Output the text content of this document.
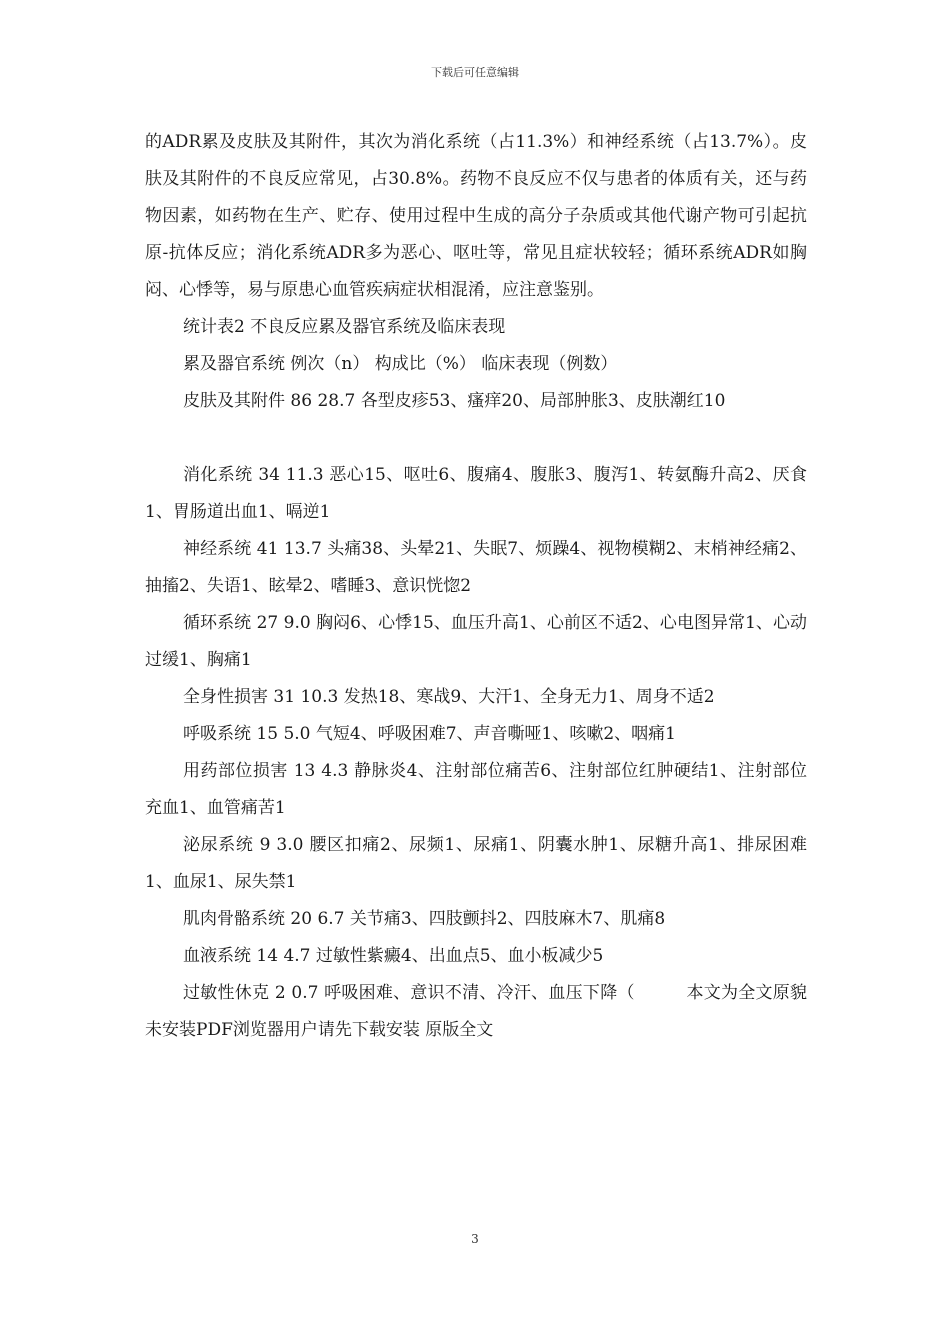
下载后可任意编辑

的ADR累及皮肤及其附件，其次为消化系统（占11.3%）和神经系统（占13.7%）。皮肤及其附件的不良反应常见，占30.8%。药物不良反应不仅与患者的体质有关，还与药物因素，如药物在生产、贮存、使用过程中生成的高分子杂质或其他代谢产物可引起抗原-抗体反应；消化系统ADR多为恶心、呕吐等，常见且症状较轻；循环系统ADR如胸闷、心悸等，易与原患心血管疾病症状相混淆，应注意鉴别。

统计表2 不良反应累及器官系统及临床表现

累及器官系统 例次（n） 构成比（%） 临床表现（例数）

皮肤及其附件 86 28.7 各型皮疹53、瘙痒20、局部肿胀3、皮肤潮红10

消化系统 34 11.3 恶心15、呕吐6、腹痛4、腹胀3、腹泻1、转氨酶升高2、厌食1、胃肠道出血1、嗝逆1

神经系统 41 13.7 头痛38、头晕21、失眠7、烦躁4、视物模糊2、末梢神经痛2、抽搐2、失语1、眩晕2、嗜睡3、意识恍惚2

循环系统 27 9.0 胸闷6、心悸15、血压升高1、心前区不适2、心电图异常1、心动过缓1、胸痛1

全身性损害 31 10.3 发热18、寒战9、大汗1、全身无力1、周身不适2

呼吸系统 15 5.0 气短4、呼吸困难7、声音嘶哑1、咳嗽2、咽痛1

用药部位损害 13 4.3 静脉炎4、注射部位痛苦6、注射部位红肿硬结1、注射部位充血1、血管痛苦1

泌尿系统 9 3.0 腰区扣痛2、尿频1、尿痛1、阴囊水肿1、尿糖升高1、排尿困难1、血尿1、尿失禁1

肌肉骨骼系统 20 6.7 关节痛3、四肢颤抖2、四肢麻木7、肌痛8

血液系统 14 4.7 过敏性紫癜4、出血点5、血小板减少5

过敏性休克 2 0.7 呼吸困难、意识不清、冷汗、血压下降（　　　本文为全文原貌 未安装PDF浏览器用户请先下载安装 原版全文

3
